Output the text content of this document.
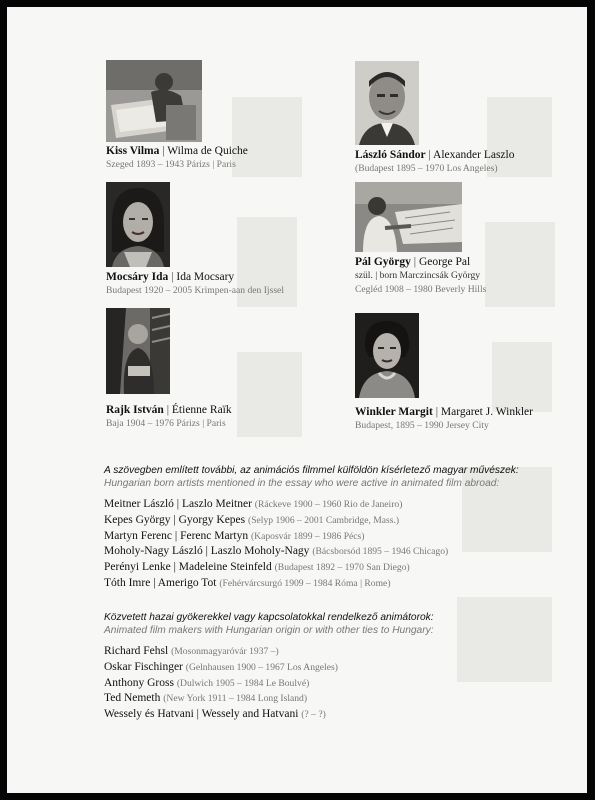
Kiss Vilma | Wilma de Quiche
Szeged 1893 – 1943 Párizs | Paris
László Sándor | Alexander Laszlo
(Budapest 1895 – 1970 Los Angeles)
Mocsáry Ida | Ida Mocsary
Budapest 1920 – 2005 Krimpen-aan den Ijssel
Pál György | George Pal
szül. | born Marczincsák György
Cegléd 1908 – 1980 Beverly Hills
Rajk István | Étienne Raïk
Baja 1904 – 1976 Párizs | Paris
Winkler Margit | Margaret J. Winkler
Budapest, 1895 – 1990 Jersey City
A szövegben említett további, az animációs filmmel külföldön kísérletező magyar művészek:
Hungarian born artists mentioned in the essay who were active in animated film abroad:
Meitner László | Laszlo Meitner (Ráckeve 1900 – 1960 Rio de Janeiro)
Kepes György | Gyorgy Kepes (Selyp 1906 – 2001 Cambridge, Mass.)
Martyn Ferenc | Ferenc Martyn (Kaposvár 1899 – 1986 Pécs)
Moholy-Nagy László | Laszlo Moholy-Nagy (Bácsborsód 1895 – 1946 Chicago)
Perényi Lenke | Madeleine Steinfeld (Budapest 1892 – 1970 San Diego)
Tóth Imre | Amerigo Tot (Fehérvárcsurgó 1909 – 1984 Róma | Rome)
Közvetett hazai gyökerekkel vagy kapcsolatokkal rendelkező animátorok:
Animated film makers with Hungarian origin or with other ties to Hungary:
Richard Fehsl (Mosonmagyaróvár 1937 –)
Oskar Fischinger (Gelnhausen 1900 – 1967 Los Angeles)
Anthony Gross (Dulwich 1905 – 1984 Le Boulvé)
Ted Nemeth (New York 1911 – 1984 Long Island)
Wessely és Hatvani | Wessely and Hatvani (? – ?)
